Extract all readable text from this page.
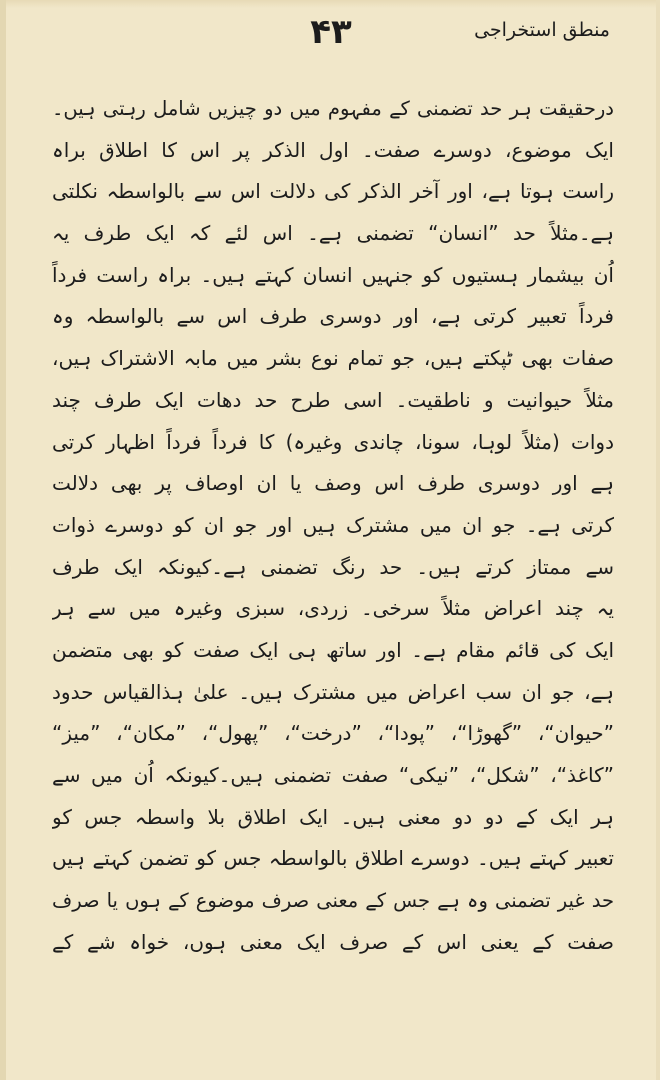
منطق استخراجی
۴۳
درحقیقت ہر حد تضمنی کے مفہوم میں دو چیزیں شامل رہتی ہیں۔
ایک موضوع، دوسرے صفت۔ اول الذکر پر اس کا اطلاق براہ
راست ہوتا ہے، اور آخر الذکر کی دلالت اس سے بالواسطہ نکلتی
ہے۔مثلاً حد ”انسان“ تضمنی ہے۔ اس لئے کہ ایک طرف یہ
اُن بیشمار ہستیوں کو جنہیں انسان کہتے ہیں۔ براہ راست فرداً
فرداً تعبیر کرتی ہے، اور دوسری طرف اس سے بالواسطہ وہ
صفات بھی ٹپکتے ہیں، جو تمام نوع بشر میں مابہ الاشتراک ہیں،
مثلاً حیوانیت و ناطقیت۔ اسی طرح حد دھات ایک طرف چند
دوات (مثلاً لوہا، سونا، چاندی وغیرہ) کا فرداً فرداً اظہار کرتی
ہے اور دوسری طرف اس وصف یا ان اوصاف پر بھی دلالت
کرتی ہے۔ جو ان میں مشترک ہیں اور جو ان کو دوسرے ذوات
سے ممتاز کرتے ہیں۔ حد رنگ تضمنی ہے۔کیونکہ ایک طرف
یہ چند اعراض مثلاً سرخی۔ زردی، سبزی وغیرہ میں سے ہر
ایک کی قائم مقام ہے۔ اور ساتھ ہی ایک صفت کو بھی متضمن
ہے، جو ان سب اعراض میں مشترک ہیں۔ علیٰ ہذالقیاس حدود
”حیوان“، ”گھوڑا“، ”پودا“، ”درخت“، ”پھول“، ”مکان“، ”میز“
”کاغذ“، ”شکل“، ”نیکی“ صفت تضمنی ہیں۔کیونکہ اُن میں سے
ہر ایک کے دو دو معنی ہیں۔ ایک اطلاق بلا واسطہ جس کو
تعبیر کہتے ہیں۔ دوسرے اطلاق بالواسطہ جس کو تضمن کہتے ہیں
حد غیر تضمنی وہ ہے جس کے معنی صرف موضوع کے ہوں یا صرف
صفت کے یعنی اس کے صرف ایک معنی ہوں، خواہ شے کے
